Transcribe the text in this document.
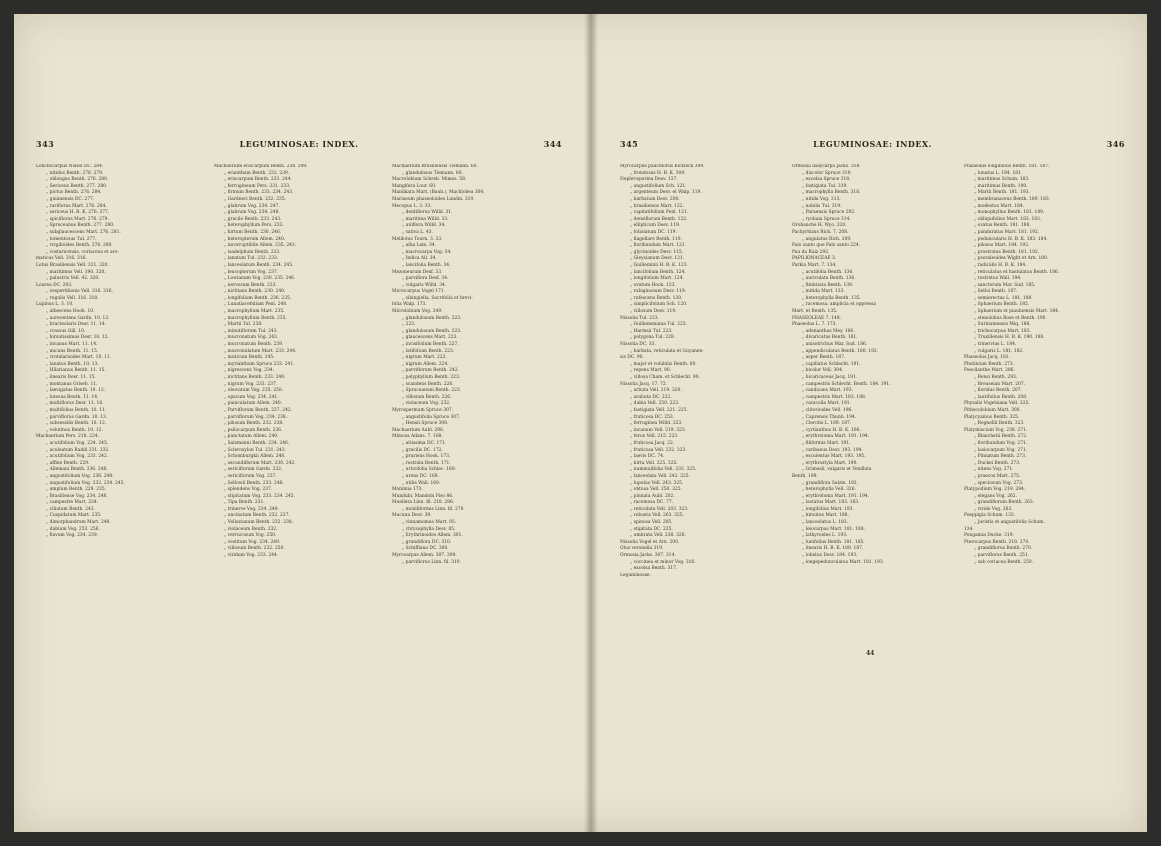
343	LEGUMINOSAE: INDEX.	344
Lonchocarpus Nissol DC. 284.
„ nitidus Benth. 276. 279.
„ oblongus Benth. 276. 280.
„ Sericeus Benth. 277. 280.
„ pictus Benth. 276. 284.
„ guianensis DC. 277.
„ rariflorus Mart. 276. 284.
„ sericeus H. B. K. 276. 277.
„ spiciflorus Mart. 276. 279.
„ Spruceanus Benth. 277. 280.
„ subglaucescens Mart. 276. 281.
„ tomentosus Tul. 277.
„ virgilioides Benth. 276. 280.
„ costaricensis, coriaceus et aro-
maticus Vell. 316. 316.
Lotus Brasiliensis Vell. 321. 320.
„ maritimus Vell. 190. 320.
„ palustris Vell. 42. 320.
Lourea DC. 293.
„ vespertilionis Vell. 316. 316.
„ rugulis Vell. 316. 318.
Lupinus L. 3. 10.
„ albescens Hook. 10.
„ aureonitens Gardn. 10. 12.
„ bracteolaris Desr. 11. 14.
„ crassus Gill. 10.
„ hirsutissimus Desr. 10. 12.
„ incanus Mart. 11. 14.
„ micans Benth. 11. 15.
„ crotalarioides Mart. 10. 11.
„ lanatus Benth. 10. 13.
„ Hilarianus Benth. 11. 15.
„ linearis Desr. 11. 15.
„ montanus Griseb. 11.
„ laevigatus Benth. 10. 12.
„ lutosus Benth. 11. 14.
„ multiflorus Desr. 11. 16.
„ multifolius Benth. 10. 11.
„ parviflorus Gardn. 10. 13.
„ subsessilis Benth. 10. 12.
„ velutinus Benth. 10. 12.
Machaerium Pers. 218. 224.
„ acutifolium Vog. 234. 245.
„ aculeatum Raddi 231. 232.
„ acutifolium Vog. 233. 242.
„ affine Benth. 229.
„ Allemani Benth. 236. 248.
„ angustifolium Vog. 236. 248.
„ angustifolium Vog. 232. 234. 245.
„ amplum Benth. 229. 235.
„ Brasiliense Vog. 234. 248.
„ campestre Mart. 234.
„ ciliatum Benth. 243.
„ Cuspidatum Mart. 235.
„ dimorphandrum Mart. 248.
„ dubium Vog. 253. 256.
„ flavum Vog. 234. 239.
Machaerium eriocarpum Benth. 234. 249.
„ erianthum Benth. 232. 239.
„ eriocarpum Benth. 233. 244.
„ ferrugineum Pers. 231. 233.
„ firmum Benth. 233. 234. 243.
„ Gardneri Benth. 232. 235.
„ glabrum Vog. 234. 247.
„ glabrum Vog. 234. 248.
„ gracile Benth. 233. 243.
„ heterophyllum Pers. 233.
„ hirtum Benth. 230. 246.
„ heteropterum Allem. 240.
„ incorruptibile Allem. 235. 243.
„ isadelphum Benth. 233.
„ lanatum Tul. 232. 233.
„ lanceolatum Benth. 234. 245.
„ leucopterum Vog. 237.
„ Lowianum Vog. 230. 235. 246.
„ nervosum Benth. 233.
„ nictitans Benth. 230. 240.
„ longifolium Benth. 236. 235.
„ Lunatiacefidium Penl. 248.
„ macrophyllum Mart. 235.
„ macrophyllum Benth. 235.
„ Martii Tul. 238.
„ minutiflorum Tul. 243.
„ mucronatum Vog. 243.
„ mucronatum Benth. 239.
„ mucronulatum Mart. 233. 244.
„ muticum Benth. 245.
„ myrianthum Spruce 233. 241.
„ nigrescens Vog. 234.
„ nictitans Benth. 233. 249.
„ nigrum Vog. 233. 237.
„ obovatum Vog. 235. 250.
„ opacum Vog. 234. 241.
„ paniculatum Allem. 240.
„ Parviflorum Benth. 237. 242.
„ parviflorum Vog. 234. 238.
„ pilosum Benth. 232. 238.
„ psilocarpum Benth. 236.
„ punctatum Allem. 240.
„ Salzmanni Benth. 234. 246.
„ Scleroxylon Tul. 231. 243.
„ Schomburgkii Allem. 248.
„ secundiflorum Mart. 230. 242.
„ sericiflorum Gardn. 232.
„ sericiflorum Vog. 237.
„ Sellowii Benth. 233. 248.
„ splendens Vog. 237.
„ stipitatum Vog. 233. 234. 245.
„ Tipa Benth. 231.
„ trinerve Vog. 234. 249.
„ uncinatum Benth. 232. 237.
„ Vellozianum Benth. 232. 238.
„ violaceum Benth. 232.
„ verrucosum Vog. 250.
„ vestitum Vog. 234. 249.
„ villosum Benth. 232. 250.
„ viridum Vog. 233. 244.
Machaerium Brasiliensis Tiemann. 60.
„ glandulosus Tiemann. 60.
Macrolobium Schreb. Mimos. 58.
Mangifera Lour. 60.
Manilkara Mart. (Bauh.), Machlobea 300.
Mariaeum phaseoloides Lundm. 319.
Mecopus L. 3. 33.
„ dentiflorus Willd. 31.
„ maritima Willd. 33.
„ uniflora Willd. 34.
„ sativa L. 43.
Melilotus Tourn. 3. 33.
„ alba Lam. 34.
„ macrocarpa Vog. 34.
„ Indica All. 34.
„ lancifolia Benth. 34.
Mezoneurum Desf. 33.
„ parviflora Desf. 34.
„ vulgaris Willd. 34.
Microcarpus Vogel 171.
„ sibingiella, Sacrifolia et brevi-
folia Walp. 173.
Microlobium Vog. 249.
„ glandulosum Benth. 223.
„ 223.
„ glandulosum Benth. 223.
„ glaucescens Mart. 223.
„ incisifolium Benth. 227.
„ latifolium Benth. 223.
„ nigrum Mart. 223.
„ nigrum Allem. 224.
„ parviflorum Benth. 242.
„ polyphyllum Benth. 223.
„ scandens Benth. 226.
„ Spruceanum Benth. 223.
„ villosum Benth. 226.
„ violaceum Vog. 232.
Myrospermum Spruce 307.
„ angustifolia Spruce 307.
„ Hensii Spruce 308.
Machaerium Aubl. 296.
Mimosa Adans. 7. 168.
„ altissima DC. 171.
„ gracilis DC. 172.
„ pruriens Hook. 173.
„ rostrata Benth. 171.
„ urticifolia Schlec. 169.
„ urens DC. 169.
„ utilis Wall. 169.
Monimia 173.
Mundubi, Mandobi Piso 86.
Muellera Linn. fil. 218. 296.
„ moniliformis Linn. fil. 270.
Mucuna Desv. 39.
„ cinnamomea Mart. 85.
„ chrysophylla Desv. 85.
„ Erythrinoides Allem. 301.
„ grandiflora DC. 310.
„ Schiffiana DC. 300.
Myrocarpus Allem. 307. 309.
„ parviflorus Linn. fil. 310.
345	LEGUMINOSAE: INDEX.	346
Myrocarpus pauciflorus Klotzsch 309.
„ frondosus H. B. K. 309.
Nephrosperma Desv. 137.
„ angustifolium Sch. 121.
„ argenteum Desv. et Walp. 119.
„ barbatum Desv. 200.
„ brasiliensis Mart. 122.
„ capitatifolium Penl. 121.
„ densiflorum Benth. 122.
„ ellipticum Desv. 119.
„ foliolatum DC. 119.
„ flagellare Benth. 119.
„ floribundum Mart. 121.
„ glycinoides Desv. 115.
„ Gleysianum Desv. 121.
„ Guilleminii H. B. K. 123.
„ lancifolium Benth. 124.
„ longifolium Mart. 124.
„ ovatum Hook. 123.
„ rubiginosum Desv. 119.
„ rufescens Benth. 130.
„ simplicifolium Sch. 120.
„ villosum Desv. 119.
Nissolia Tul. 223.
„ Guillemeniana Tul. 223.
„ Harmsii Tul. 223.
„ polygona Tul. 228.
Nissolia DC. 33.
„ barbata, reticulata et Guyanen-
sis DC. 90.
„ major et volubilis Benth. 80.
„ repens Mart. 90.
„ villosa Cham. et Schlecht. 90.
Nissolia Jacq. 17. 72.
„ arbuta Vell. 219. 320.
„ arabuta DC. 222.
„ dubia Vell. 250. 223.
„ fastigiata Vell. 221. 225.
„ fruticosa DC. 253.
„ ferruginea Willd. 223.
„ incanum Vell. 219. 323.
„ ferox Vell. 215. 223.
„ fruticosa Jacq. 22.
„ fruticosa Vell. 232. 323.
„ laevis DC. 74.
„ hirta Vell. 225. 325.
„ nummulifolia Vell. 233. 325.
„ lanceolata Vell. 242. 325.
„ lupulus Vell. 243. 325.
„ obtusa Vell. 250. 325.
„ pinnata Aubl. 202.
„ racemosa DC. 77.
„ reticulata Vell. 203. 323.
„ robusta Vell. 263. 325.
„ spinosa Vell. 205.
„ stipitata DC. 235.
„ umbrata Vell. 238. 326.
Nissolia Vogel et Arn. 200.
Olus veronella 319.
Ormosia Jacks. 307. 314.
„ coccinea et minor Vog. 316.
„ excelsa Benth. 317.
Leguminosae.
Ormosia dasycarpa Jacks. 318.
„ discolor Spruce 319.
„ excelsa Spruce 318.
„ fastigiata Tul. 319.
„ macrophylla Benth. 318.
„ nitida Vog. 313.
„ nobilis Tul. 319.
„ Paraensis Spruce 292.
„ ryobaia Spruce 314.
Orobanche H. Wyo. 320.
Pachyrhizus Rich. 7. 208.
„ angulatus Rich. 209.
Palo santo que Palo santo 224.
Pau da Raiz 292.
PAPILIONACEAE 3.
Parkia Mart. 7. 134.
„ acutifolia Benth. 136.
„ auriculata Benth. 136.
„ fimbriata Benth. 138.
„ mitida Mart. 133.
„ heterophylla Benth. 135.
„ racemosa, amplicia et oppressa
Mart. et Benth. 135.
PHASEOLEAE 7. 148.
Phaseolus L. 7. 173.
„ adenanthus Mey. 186.
„ divaricatus Benth. 181.
„ anisotrichus Mar. Sud. 186.
„ appendiculatus Benth. 180. 192.
„ asper Benth. 187.
„ capillatus Schlecht. 191.
„ bicolor Vell. 304.
„ bicaricaceus Jacq. 191.
„ campestris Schlecht. Benth. 184. 191.
„ candicans Mart. 193.
„ campestris Mart. 183. 188.
„ caracolla Mart. 191.
„ clitorioides Vell. 196.
„ Caprensis Thunb. 194.
„ Clerotis L. 189. 187.
„ cyrtianthus H. B. K. 186.
„ erythroloma Mart. 191. 194.
„ filiformis Mart. 191.
„ caribaeus Desv. 193. 194.
„ esculentus Mart. 193. 195.
„ erythrostyla Mart. 190.
„ Grimesii, vulgaris et Vexillata
Benth. 189.
„ grandiflora Salzm. 192.
„ heterophylla Vell. 326.
„ erythroloma Mart. 191. 194.
„ lactatus Mart. 183. 183.
„ longifolius Mart. 193.
„ hirsutus Mart. 188.
„ lanceolatus L. 183.
„ leiocarpus Mart. 181. 188.
„ lathyroides L. 193.
„ lunifolius Benth. 181. 185.
„ linearis H. B. K. 189. 187.
„ lobatus Desv. 184. 193.
„ longepedunculatus Mart. 181. 193.
Phaseolus longifolius Benth. 181. 187.
„ lunatus L. 184. 181.
„ maritimus Schum. 183.
„ maritimus Benth. 190.
„ Martii Benth. 181. 193.
„ membranaceus Benth. 189. 183.
„ modestus Mart. 184.
„ monophyllus Benth. 181. 189.
„ obliquifolius Mart. 183. 183.
„ ovatus Benth. 181. 188.
„ panduratus Mart. 181. 192.
„ peduncularis H. B. K. 183. 184.
„ pilosus Mart. 184. 192.
„ prostratus Benth. 181. 192.
„ psoraleoides Wight et Arn. 180.
„ radicalis H. B. K. 184.
„ reticulatus et hastulatus Benth. 186.
„ rostratus Wall. 194.
„ sanctorum Mar. Sud. 185.
„ Selloi Benth. 187.
„ semierectus L. 181. 188.
„ Sphaerium Benth. 185.
„ Sphaerium et piauhiensis Mart. 184.
„ stenolobus Rose et Benth. 190.
„ Surinamensis Miq. 188.
„ trichocarpus Mart. 183.
„ Truxillensis H. B. K. 190. 188.
„ trinervius L. 184.
„ vulgaris L. 181. 182.
Phaseolus Jacq. 181.
Photinium Benth. 273.
Poecilanthe Mart. 286.
„ Bensi Benth. 293.
„ Breuseian Mart. 207.
„ floridus Benth. 207.
„ laurifolius Benth. 208.
Physalis Vogelsiana Vell. 325.
Pithecolobium Mart. 300.
Platycyamus Benth. 325.
„ Regnellii Benth. 323.
Platymiscium Vog. 238. 271.
„ Blanchetii Benth. 272.
„ floribundum Vog. 271.
„ lasiocarpum Vog. 271.
„ Pinnatum Benth. 273.
„ Duckei Benth. 273.
„ nitens Vog. 271.
„ praecox Mart. 275.
„ speciosum Vog. 273.
Platypodium Vog. 219. 284.
„ elegans Vog. 262.
„ grandiflorum Benth. 263.
„ viride Vog. 263.
Poeppigia Schum. 133.
„ Juristis et angustifolia Schum.
134.
Pongamia Ducke. 319.
Pterocarpus Benth. 218. 270.
„ grandiflorus Benth. 270.
„ parviflorus Benth. 251.
„ sub coriacea Benth. 250.
44
